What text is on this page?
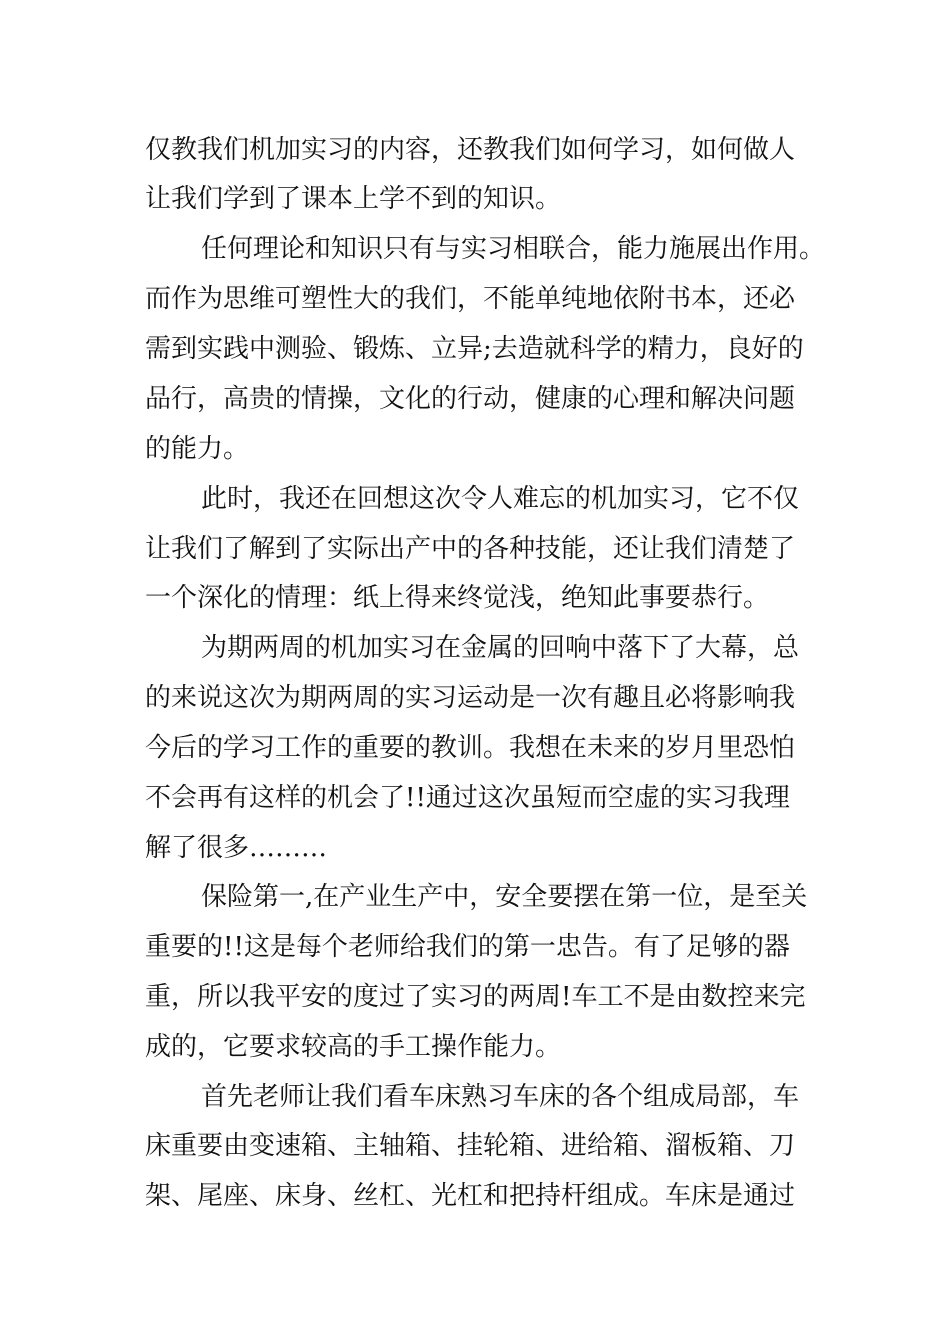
仅教我们机加实习的内容，还教我们如何学习，如何做人

让我们学到了课本上学不到的知识。

任何理论和知识只有与实习相联合，能力施展出作用。

而作为思维可塑性大的我们，不能单纯地依附书本，还必

需到实践中测验、锻炼、立异;去造就科学的精力，良好的

品行，高贵的情操，文化的行动，健康的心理和解决问题

的能力。

此时，我还在回想这次令人难忘的机加实习，它不仅

让我们了解到了实际出产中的各种技能，还让我们清楚了

一个深化的情理：纸上得来终觉浅，绝知此事要恭行。

为期两周的机加实习在金属的回响中落下了大幕，总

的来说这次为期两周的实习运动是一次有趣且必将影响我

今后的学习工作的重要的教训。我想在未来的岁月里恐怕

不会再有这样的机会了!!通过这次虽短而空虚的实习我理

解了很多………

保险第一,在产业生产中，安全要摆在第一位，是至关

重要的!!这是每个老师给我们的第一忠告。有了足够的器

重，所以我平安的度过了实习的两周!车工不是由数控来完

成的，它要求较高的手工操作能力。

首先老师让我们看车床熟习车床的各个组成局部，车

床重要由变速箱、主轴箱、挂轮箱、进给箱、溜板箱、刀

架、尾座、床身、丝杠、光杠和把持杆组成。车床是通过
